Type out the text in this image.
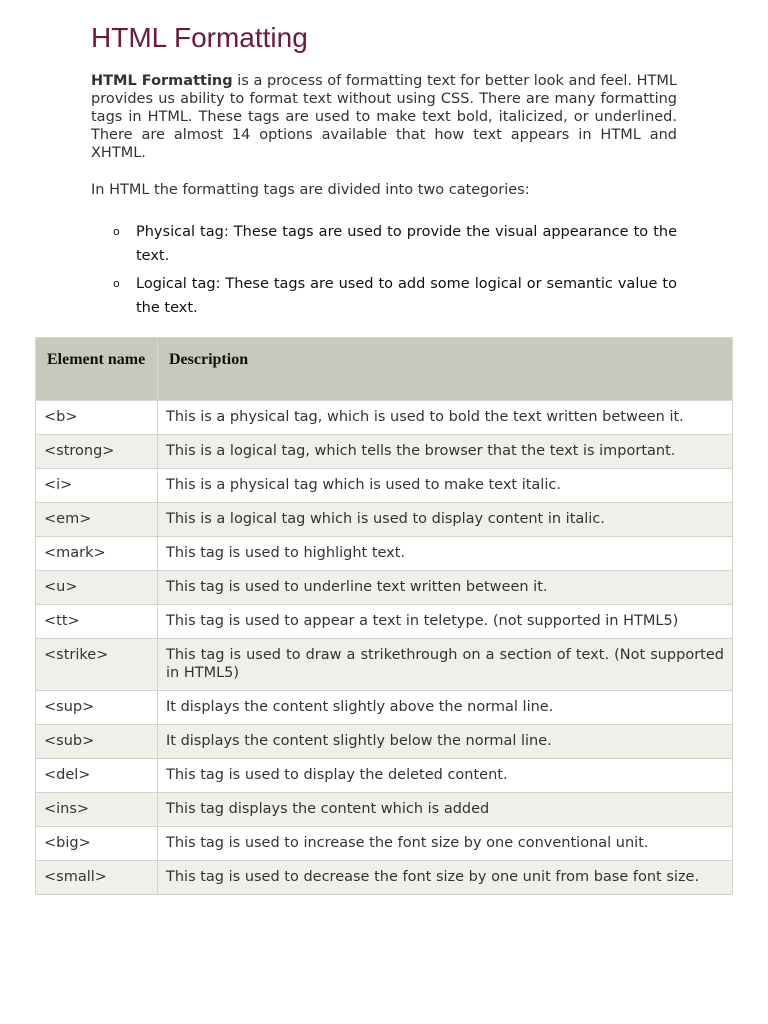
HTML Formatting

HTML Formatting is a process of formatting text for better look and feel. HTML provides us ability to format text without using CSS. There are many formatting tags in HTML. These tags are used to make text bold, italicized, or underlined. There are almost 14 options available that how text appears in HTML and XHTML.

In HTML the formatting tags are divided into two categories:

o Physical tag: These tags are used to provide the visual appearance to the text.
o Logical tag: These tags are used to add some logical or semantic value to the text.
Element name	Description
<b>	This is a physical tag, which is used to bold the text written between it.
<strong>	This is a logical tag, which tells the browser that the text is important.
<i>	This is a physical tag which is used to make text italic.
<em>	This is a logical tag which is used to display content in italic.
<mark>	This tag is used to highlight text.
<u>	This tag is used to underline text written between it.
<tt>	This tag is used to appear a text in teletype. (not supported in HTML5)
<strike>	This tag is used to draw a strikethrough on a section of text. (Not supported in HTML5)
<sup>	It displays the content slightly above the normal line.
<sub>	It displays the content slightly below the normal line.
<del>	This tag is used to display the deleted content.
<ins>	This tag displays the content which is added
<big>	This tag is used to increase the font size by one conventional unit.
<small>	This tag is used to decrease the font size by one unit from base font size.
